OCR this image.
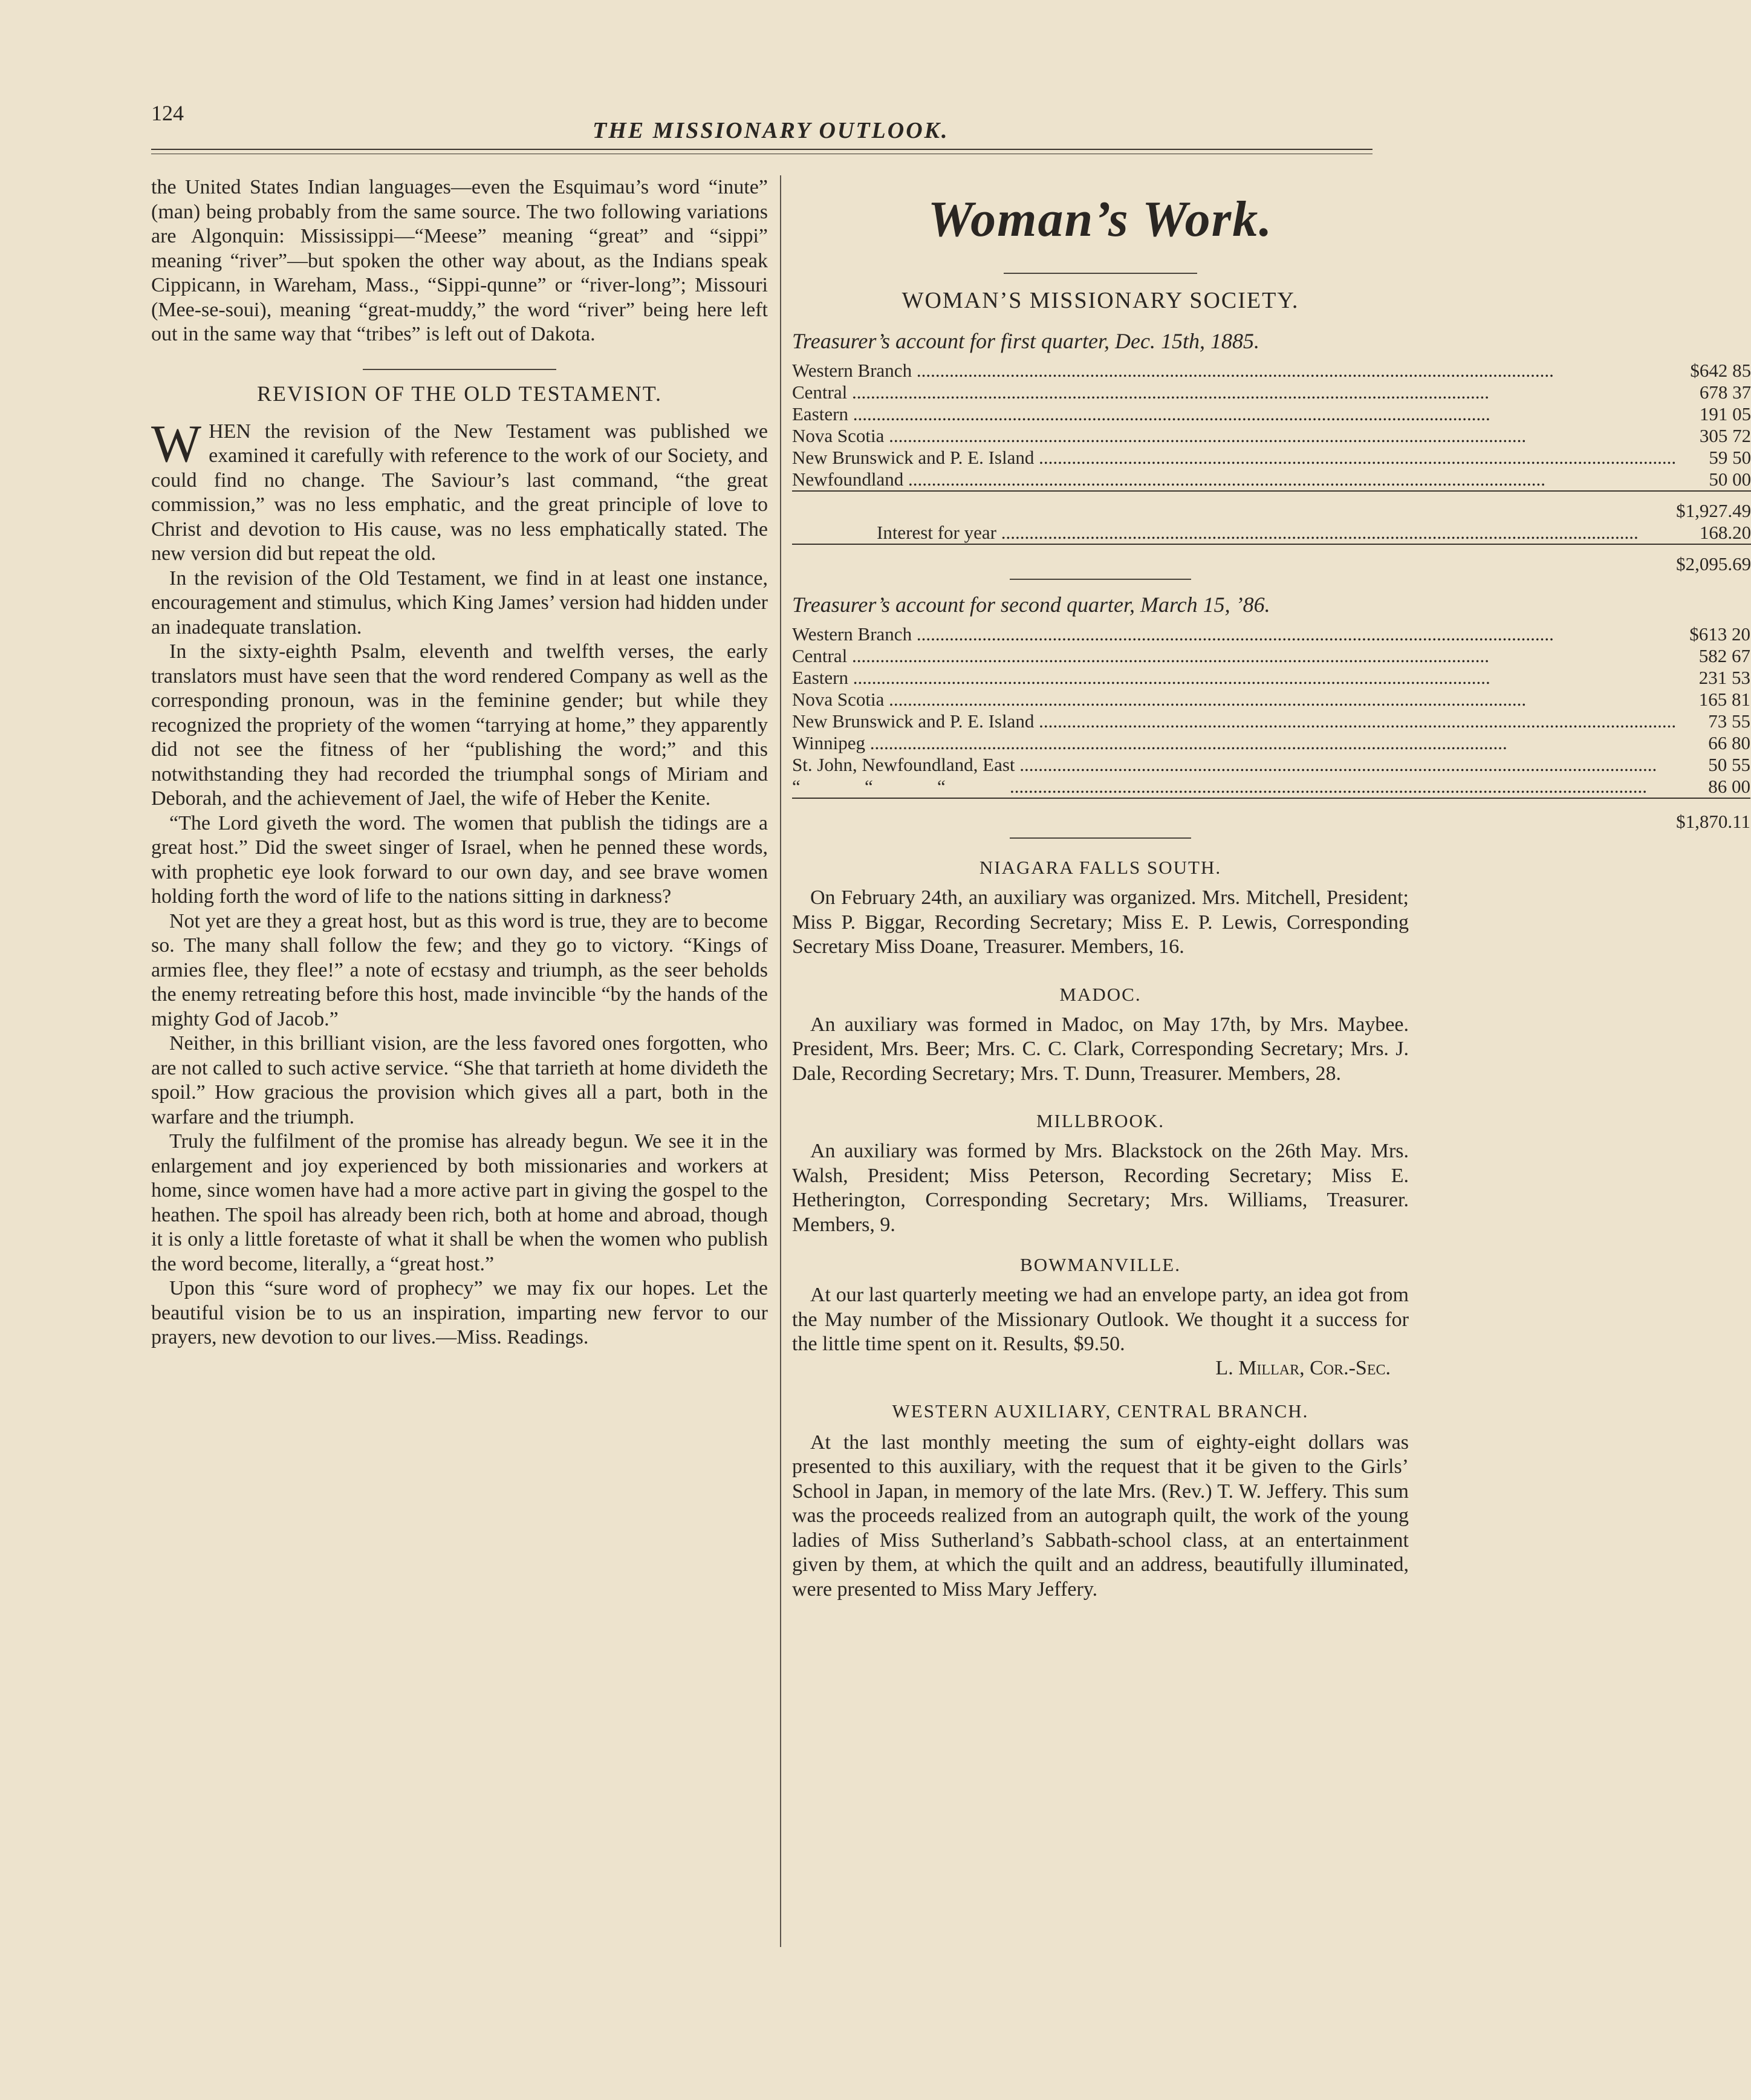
124
THE MISSIONARY OUTLOOK.

the United States Indian languages—even the Esquimau’s word “inute” (man) being probably from the same source. The two following variations are Algonquin: Mississippi—“Meese” meaning “great” and “sippi” meaning “river”—but spoken the other way about, as the Indians speak Cippicann, in Wareham, Mass., “Sippi-qunne” or “river-long”; Missouri (Mee-se-soui), meaning “great-muddy,” the word “river” being here left out in the same way that “tribes” is left out of Dakota.

REVISION OF THE OLD TESTAMENT.

W HEN the revision of the New Testament was published we examined it carefully with reference to the work of our Society, and could find no change. The Saviour’s last command, “the great commission,” was no less emphatic, and the great principle of love to Christ and devotion to His cause, was no less emphatically stated. The new version did but repeat the old.

In the revision of the Old Testament, we find in at least one instance, encouragement and stimulus, which King James’ version had hidden under an inadequate translation.

In the sixty-eighth Psalm, eleventh and twelfth verses, the early translators must have seen that the word rendered Company as well as the corresponding pronoun, was in the feminine gender; but while they recognized the propriety of the women “tarrying at home,” they apparently did not see the fitness of her “publishing the word;” and this notwithstanding they had recorded the triumphal songs of Miriam and Deborah, and the achievement of Jael, the wife of Heber the Kenite.

“The Lord giveth the word. The women that publish the tidings are a great host.” Did the sweet singer of Israel, when he penned these words, with prophetic eye look forward to our own day, and see brave women holding forth the word of life to the nations sitting in darkness?

Not yet are they a great host, but as this word is true, they are to become so. The many shall follow the few; and they go to victory. “Kings of armies flee, they flee!” a note of ecstasy and triumph, as the seer beholds the enemy retreating before this host, made invincible “by the hands of the mighty God of Jacob.”

Neither, in this brilliant vision, are the less favored ones forgotten, who are not called to such active service. “She that tarrieth at home divideth the spoil.” How gracious the provision which gives all a part, both in the warfare and the triumph.

Truly the fulfilment of the promise has already begun. We see it in the enlargement and joy experienced by both missionaries and workers at home, since women have had a more active part in giving the gospel to the heathen. The spoil has already been rich, both at home and abroad, though it is only a little foretaste of what it shall be when the women who publish the word become, literally, a “great host.”

Upon this “sure word of prophecy” we may fix our hopes. Let the beautiful vision be to us an inspiration, imparting new fervor to our prayers, new devotion to our lives.—Miss. Readings.

Woman’s Work.

WOMAN’S MISSIONARY SOCIETY.

Treasurer’s account for first quarter, Dec. 15th, 1885.

Western Branch .....	$642 85
Central .....	678 37
Eastern .....	191 05
Nova Scotia .....	305 72
New Brunswick and P. E. Island .....	59 50
Newfoundland .....	50 00
	$1,927.49
Interest for year .....	168.20
	$2,095.69

Treasurer’s account for second quarter, March 15, ’86.

Western Branch .....	$613 20
Central .....	582 67
Eastern .....	231 53
Nova Scotia .....	165 81
New Brunswick and P. E. Island .....	73 55
Winnipeg .....	66 80
St. John, Newfoundland, East .....	50 55
“ “ “.....	86 00
	$1,870.11

NIAGARA FALLS SOUTH.

On February 24th, an auxiliary was organized. Mrs. Mitchell, President; Miss P. Biggar, Recording Secretary; Miss E. P. Lewis, Corresponding Secretary Miss Doane, Treasurer. Members, 16.

MADOC.

An auxiliary was formed in Madoc, on May 17th, by Mrs. Maybee. President, Mrs. Beer; Mrs. C. C. Clark, Corresponding Secretary; Mrs. J. Dale, Recording Secretary; Mrs. T. Dunn, Treasurer. Members, 28.

MILLBROOK.

An auxiliary was formed by Mrs. Blackstock on the 26th May. Mrs. Walsh, President; Miss Peterson, Recording Secretary; Miss E. Hetherington, Corresponding Secretary; Mrs. Williams, Treasurer. Members, 9.

BOWMANVILLE.

At our last quarterly meeting we had an envelope party, an idea got from the May number of the Missionary Outlook. We thought it a success for the little time spent on it. Results, $9.50.

L. Millar, Cor.-Sec.

WESTERN AUXILIARY, CENTRAL BRANCH.

At the last monthly meeting the sum of eighty-eight dollars was presented to this auxiliary, with the request that it be given to the Girls’ School in Japan, in memory of the late Mrs. (Rev.) T. W. Jeffery. This sum was the proceeds realized from an autograph quilt, the work of the young ladies of Miss Sutherland’s Sabbath-school class, at an entertainment given by them, at which the quilt and an address, beautifully illuminated, were presented to Miss Mary Jeffery.
